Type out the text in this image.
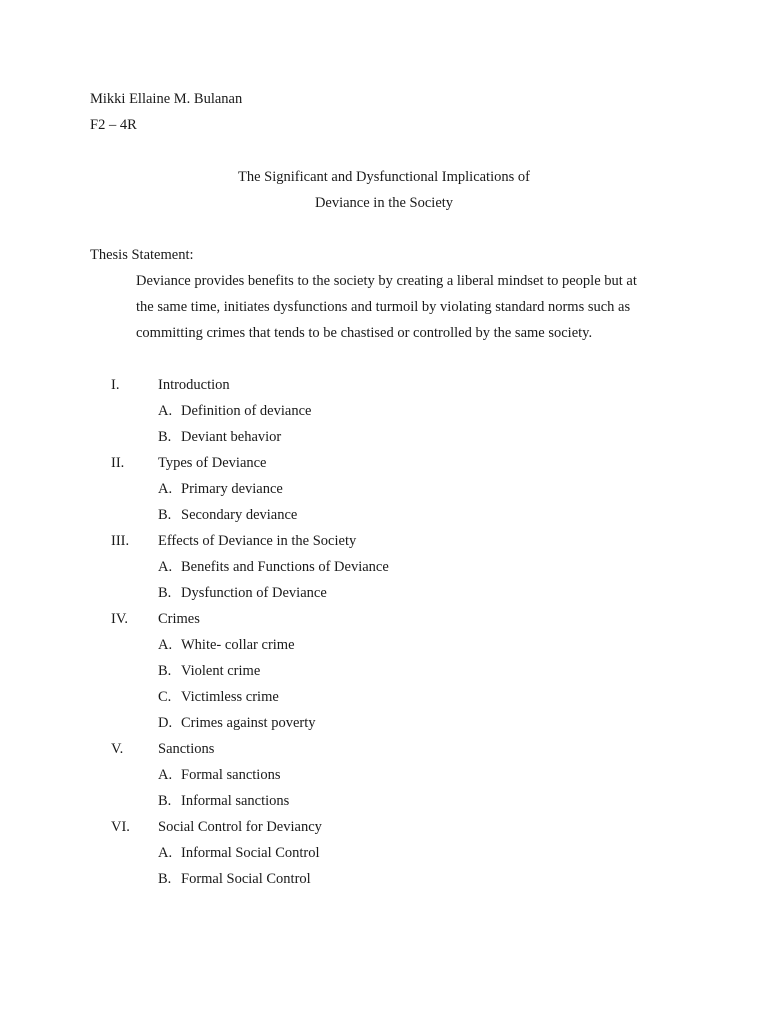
Mikki Ellaine M. Bulanan
F2 – 4R
The Significant and Dysfunctional Implications of
Deviance in the Society
Thesis Statement:
Deviance provides benefits to the society by creating a liberal mindset to people but at
the same time, initiates dysfunctions and turmoil by violating standard norms such as
committing crimes that tends to be chastised or controlled by the same society.
I.	Introduction
A. Definition of deviance
B. Deviant behavior
II. Types of Deviance
A. Primary deviance
B. Secondary deviance
III. Effects of Deviance in the Society
A. Benefits and Functions of Deviance
B. Dysfunction of Deviance
IV. Crimes
A. White- collar crime
B. Violent crime
C. Victimless crime
D. Crimes against poverty
V. Sanctions
A. Formal sanctions
B. Informal sanctions
VI. Social Control for Deviancy
A. Informal Social Control
B. Formal Social Control
